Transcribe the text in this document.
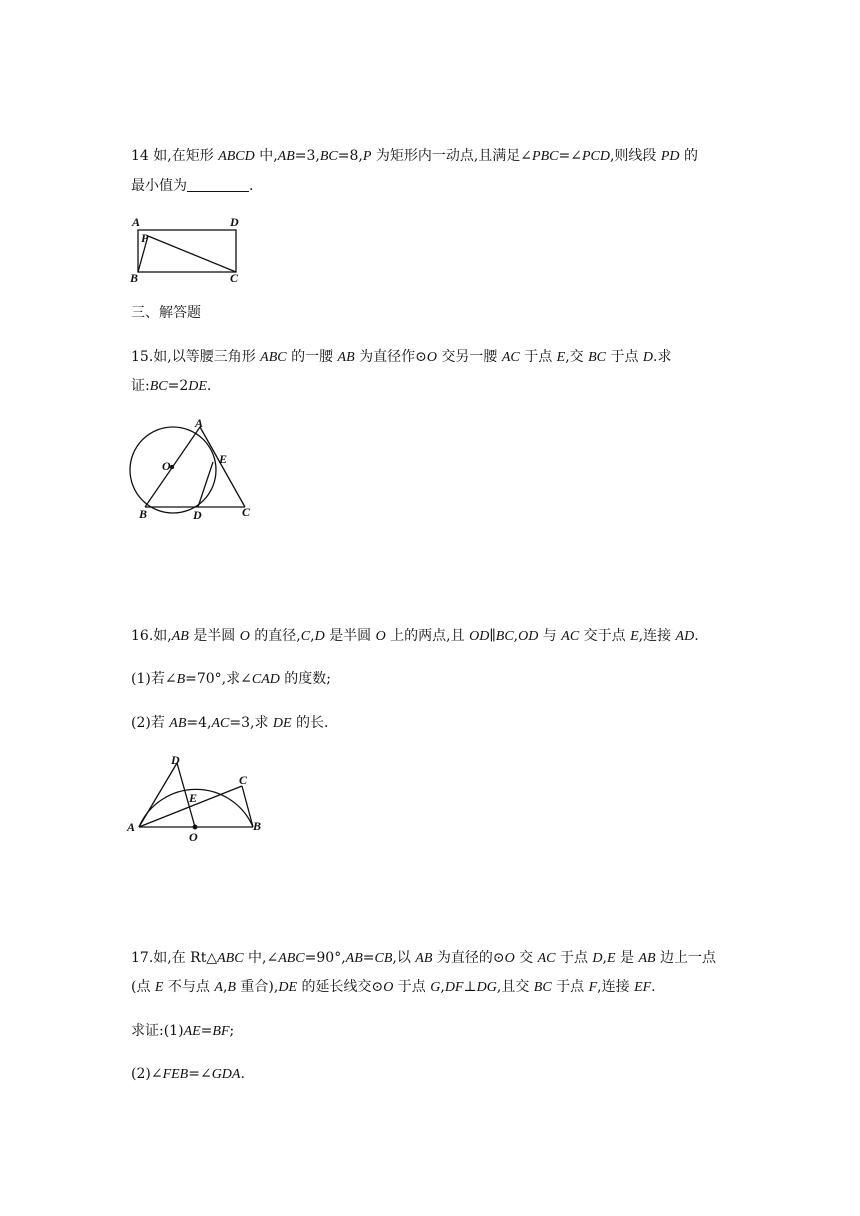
14 如,在矩形 ABCD 中,AB=3,BC=8,P 为矩形内一动点,且满足∠PBC=∠PCD,则线段 PD 的
最小值为	.
A	D
P
B	C
三、解答题
15.如,以等腰三角形 ABC 的一腰 AB 为直径作⊙O 交另一腰 AC 于点 E,交 BC 于点 D.求
证:BC=2DE.
A
O	E
B	D	C
16.如,AB 是半圆 O 的直径,C,D 是半圆 O 上的两点,且 OD∥BC,OD 与 AC 交于点 E,连接 AD.
(1)若∠B=70°,求∠CAD 的度数;
(2)若 AB=4,AC=3,求 DE 的长.
D
C
E
A
O
B
17.如,在 Rt△ABC 中,∠ABC=90°,AB=CB,以 AB 为直径的⊙O 交 AC 于点 D,E 是 AB 边上一点
(点 E 不与点 A,B 重合),DE 的延长线交⊙O 于点 G,DF⊥DG,且交 BC 于点 F,连接 EF.
求证:(1)AE=BF;
(2)∠FEB=∠GDA.
